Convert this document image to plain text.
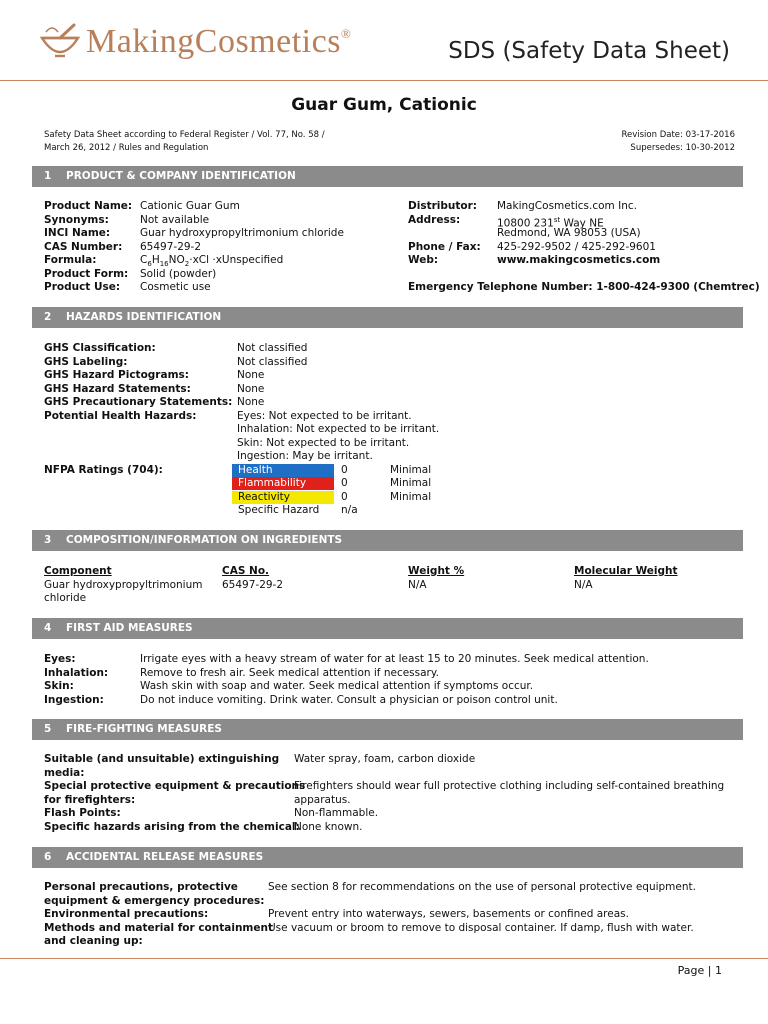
MakingCosmetics®
SDS (Safety Data Sheet)
Guar Gum, Cationic
Safety Data Sheet according to Federal Register / Vol. 77, No. 58 /
March 26, 2012 / Rules and Regulation
Revision Date: 03-17-2016
Supersedes: 10-30-2012
1 PRODUCT & COMPANY IDENTIFICATION
Product Name: Cationic Guar Gum
Synonyms:	Not available
INCI Name:	Guar hydroxypropyltrimonium chloride
CAS Number: 65497-29-2
Formula:	$C_6H_{16}NO_2\cdot xCl$ ·xUnspecified
Product Form: Solid (powder)
Product Use: Cosmetic use
Distributor: MakingCosmetics.com Inc.
Address:	10800 231st Way NE
Redmond, WA 98053 (USA)
Phone / Fax: 425-292-9502 / 425-292-9601
Web:	www.makingcosmetics.com
Emergency Telephone Number: 1-800-424-9300 (Chemtrec)
2 HAZARDS IDENTIFICATION
GHS Classification:	Not classified
GHS Labeling:	Not classified
GHS Hazard Pictograms:	None
GHS Hazard Statements:	None
GHS Precautionary Statements: None
Potential Health Hazards:	Eyes: Not expected to be irritant.
Inhalation: Not expected to be irritant.
Skin: Not expected to be irritant.
Ingestion: May be irritant.
NFPA Ratings (704):	Health	0	Minimal
Flammability	0	Minimal
Reactivity	0	Minimal
Specific Hazard	n/a
3 COMPOSITION/INFORMATION ON INGREDIENTS
Component	CAS No.	Weight %	Molecular Weight
Guar hydroxypropyltrimonium
chloride
65497-29-2	N/A	N/A
4 FIRST AID MEASURES
Eyes:	Irrigate eyes with a heavy stream of water for at least 15 to 20 minutes. Seek medical attention.
Inhalation:	Remove to fresh air. Seek medical attention if necessary.
Skin:	Wash skin with soap and water. Seek medical attention if symptoms occur.
Ingestion:	Do not induce vomiting. Drink water. Consult a physician or poison control unit.
5 FIRE-FIGHTING MEASURES
Suitable (and unsuitable) extinguishing
media:
Water spray, foam, carbon dioxide
Special protective equipment & precautions
for firefighters:
Firefighters should wear full protective clothing including self-contained breathing
apparatus.
Flash Points:	Non-flammable.
Specific hazards arising from the chemical:
None known.
6 ACCIDENTAL RELEASE MEASURES
Personal precautions, protective
equipment & emergency procedures:
See section 8 for recommendations on the use of personal protective equipment.
Environmental precautions:	Prevent entry into waterways, sewers, basements or confined areas.
Methods and material for containment
and cleaning up:
Use vacuum or broom to remove to disposal container. If damp, flush with water.
Page | 1
